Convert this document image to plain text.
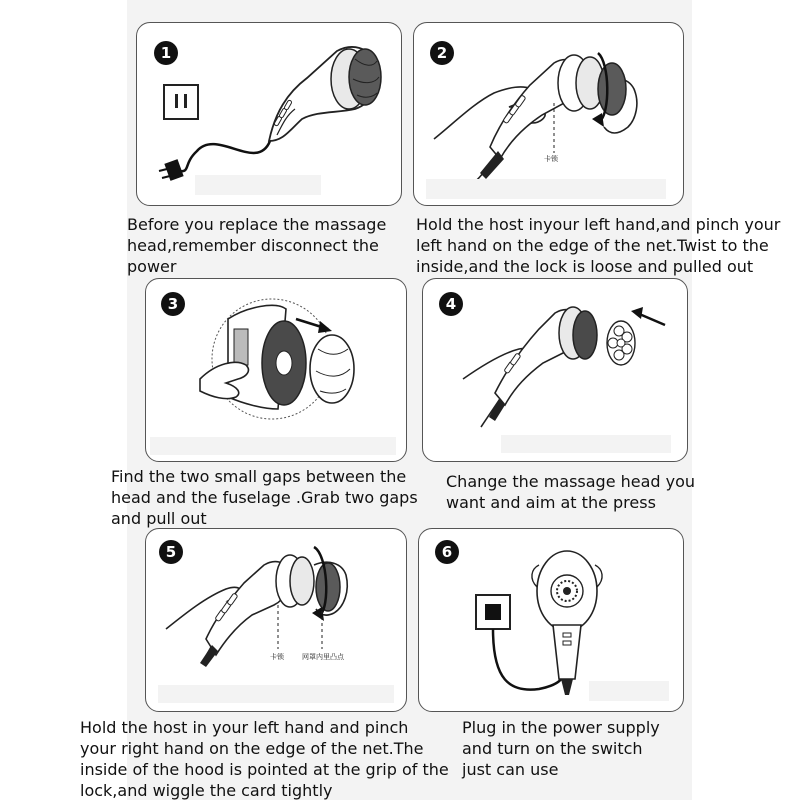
1
Before you replace the massage
head,remember disconnect the
power
卡锁
2
Hold the host inyour left hand,and pinch your
left hand on the edge of the net.Twist to the
inside,and the lock is loose and pulled out
3
Find the two small gaps between the
head and the fuselage .Grab two gaps
and pull out
4
Change the massage head you
want and aim at the press
卡锁	网罩内里凸点
5
Hold the host in your left hand and pinch
your right hand on the edge of the net.The
inside of the hood is pointed at the grip of the
lock,and wiggle the card tightly
6
Plug in the power supply
and turn on the switch
just can use
